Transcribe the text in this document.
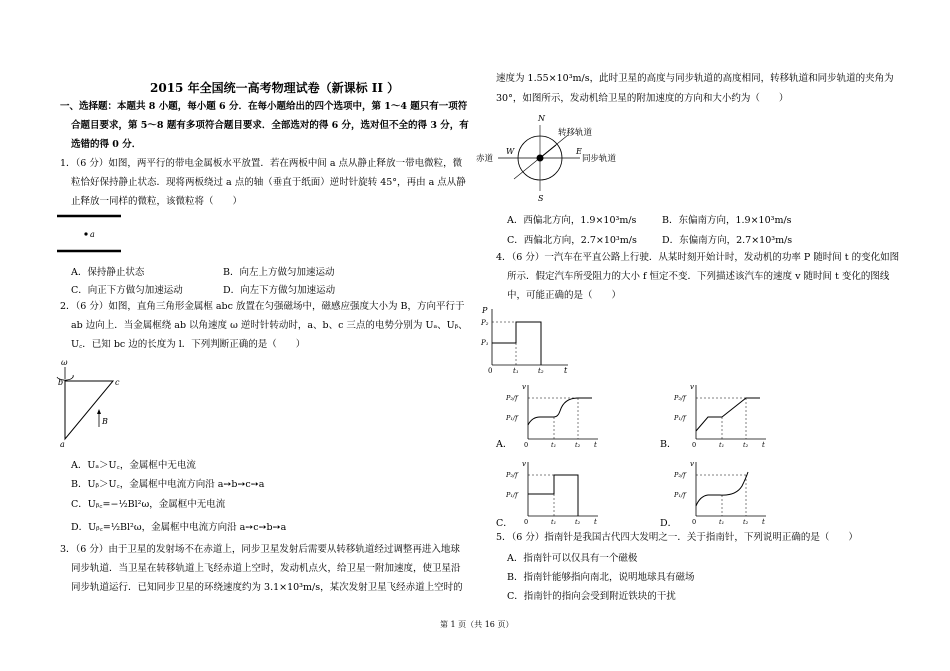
2015 年全国统一高考物理试卷（新课标 II ）
一、选择题：本题共 8 小题，每小题 6 分．在每小题给出的四个选项中，第 1～4 题只有一项符
合题目要求，第 5～8 题有多项符合题目要求．全部选对的得 6 分，选对但不全的得 3 分，有
选错的得 0 分．
1．（6 分）如图，两平行的带电金属板水平放置．若在两板中间 a 点从静止释放一带电微粒，微
粒恰好保持静止状态．现将两板绕过 a 点的轴（垂直于纸面）逆时针旋转 45°，再由 a 点从静
止释放一同样的微粒，该微粒将（　　）
a
A．保持静止状态	B．向左上方做匀加速运动
C．向正下方做匀加速运动	D．向左下方做匀加速运动
2．（6 分）如图，直角三角形金属框 abc 放置在匀强磁场中，磁感应强度大小为 B，方向平行于
ab 边向上．当金属框绕 ab 以角速度 ω 逆时针转动时，a、b、c 三点的电势分别为 Uₐ、Uᵦ、
U꜀．已知 bc 边的长度为 l．下列判断正确的是（　　）
ω
b	c
a
B
A．Uₐ＞U꜀，金属框中无电流
B．Uᵦ＞U꜀，金属框中电流方向沿 a➙b➙c➙a
C．Uᵦ꜀=−½Bl²ω，金属框中无电流
D．Uᵦ꜀=½Bl²ω，金属框中电流方向沿 a➙c➙b➙a
3．（6 分）由于卫星的发射场不在赤道上，同步卫星发射后需要从转移轨道经过调整再进入地球
同步轨道．当卫星在转移轨道上飞经赤道上空时，发动机点火，给卫星一附加速度，使卫星沿
同步轨道运行．已知同步卫星的环绕速度约为 3.1×10³m/s，某次发射卫星飞经赤道上空时的
速度为 1.55×10³m/s，此时卫星的高度与同步轨道的高度相同，转移轨道和同步轨道的夹角为
30°，如图所示，发动机给卫星的附加速度的方向和大小约为（　　）
N
S
W	E
转移轨道
赤道	同步轨道
A．西偏北方向，1.9×10³m/s	B．东偏南方向，1.9×10³m/s
C．西偏北方向，2.7×10³m/s	D．东偏南方向，2.7×10³m/s
4．（6 分）一汽车在平直公路上行驶．从某时刻开始计时，发动机的功率 P 随时间 t 的变化如图
所示．假定汽车所受阻力的大小 f 恒定不变．下列描述该汽车的速度 v 随时间 t 变化的图线
中，可能正确的是（　　）
P
P₂
P₁
0	t₁	t₂	t
A．
v
P₂/f
P₁/f
0	t₁	t₂ t	B．
v
P₂/f
P₁/f
0	t₁	t₂ t
C．
v
P₂/f
P₁/f
0	t₁	t₂ t	D．
v
P₂/f
P₁/f
0	t₁	t₂ t
5．（6 分）指南针是我国古代四大发明之一．关于指南针，下列说明正确的是（　　）
A．指南针可以仅具有一个磁极
B．指南针能够指向南北，说明地球具有磁场
C．指南针的指向会受到附近铁块的干扰
第 1 页（共 16 页）
